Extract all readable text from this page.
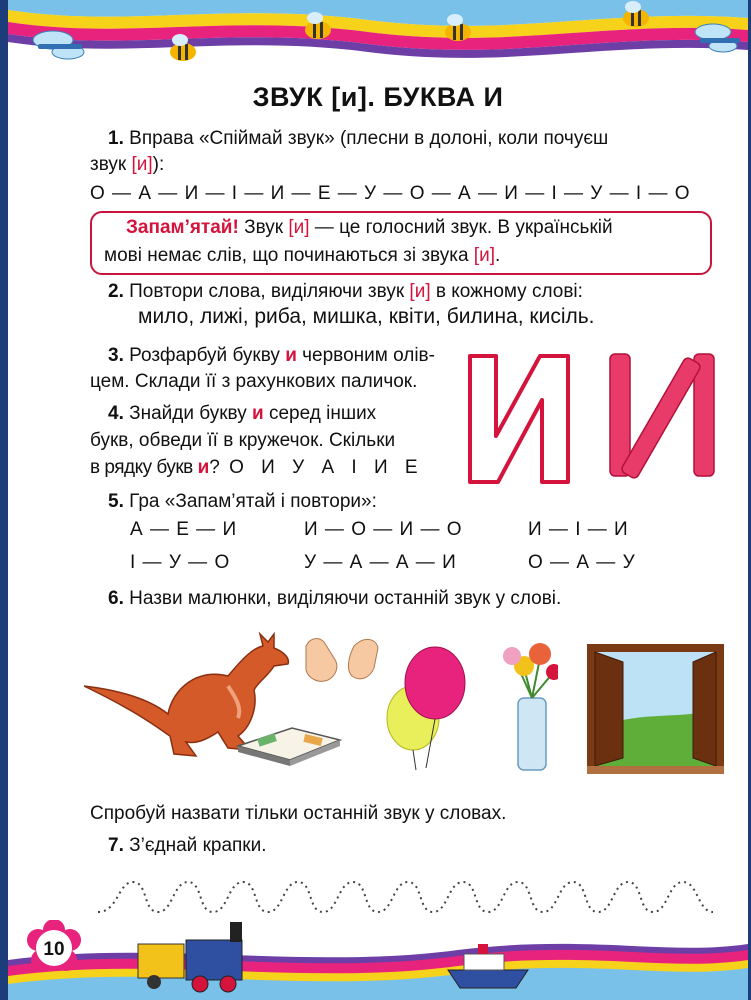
ЗВУК [и]. БУКВА И
1. Вправа «Спіймай звук» (плесни в долоні, коли почуєш
звук [и]):
О — А — И — І — И — Е — У — О — А — И — І — У — І — О
Запам’ятай! Звук [и] — це голосний звук. В українській
мові немає слів, що починаються зі звука [и].
2. Повтори слова, виділяючи звук [и] в кожному слові:
мило, лижі, риба, мишка, квіти, билина, кисіль.
3. Розфарбуй букву и червоним олів-
цем. Склади її з рахункових паличок.
4. Знайди букву и серед інших
букв, обведи її в кружечок. Скільки
в рядку букв и? О И У А І И Е
5. Гра «Запам’ятай і повтори»:
А — Е — И	И — О — И — О	И — І — И
І — У — О	У — А — А — И	О — А — У
6. Назви малюнки, виділяючи останній звук у слові.
Спробуй назвати тільки останній звук у словах.
7. З’єднай крапки.
10
